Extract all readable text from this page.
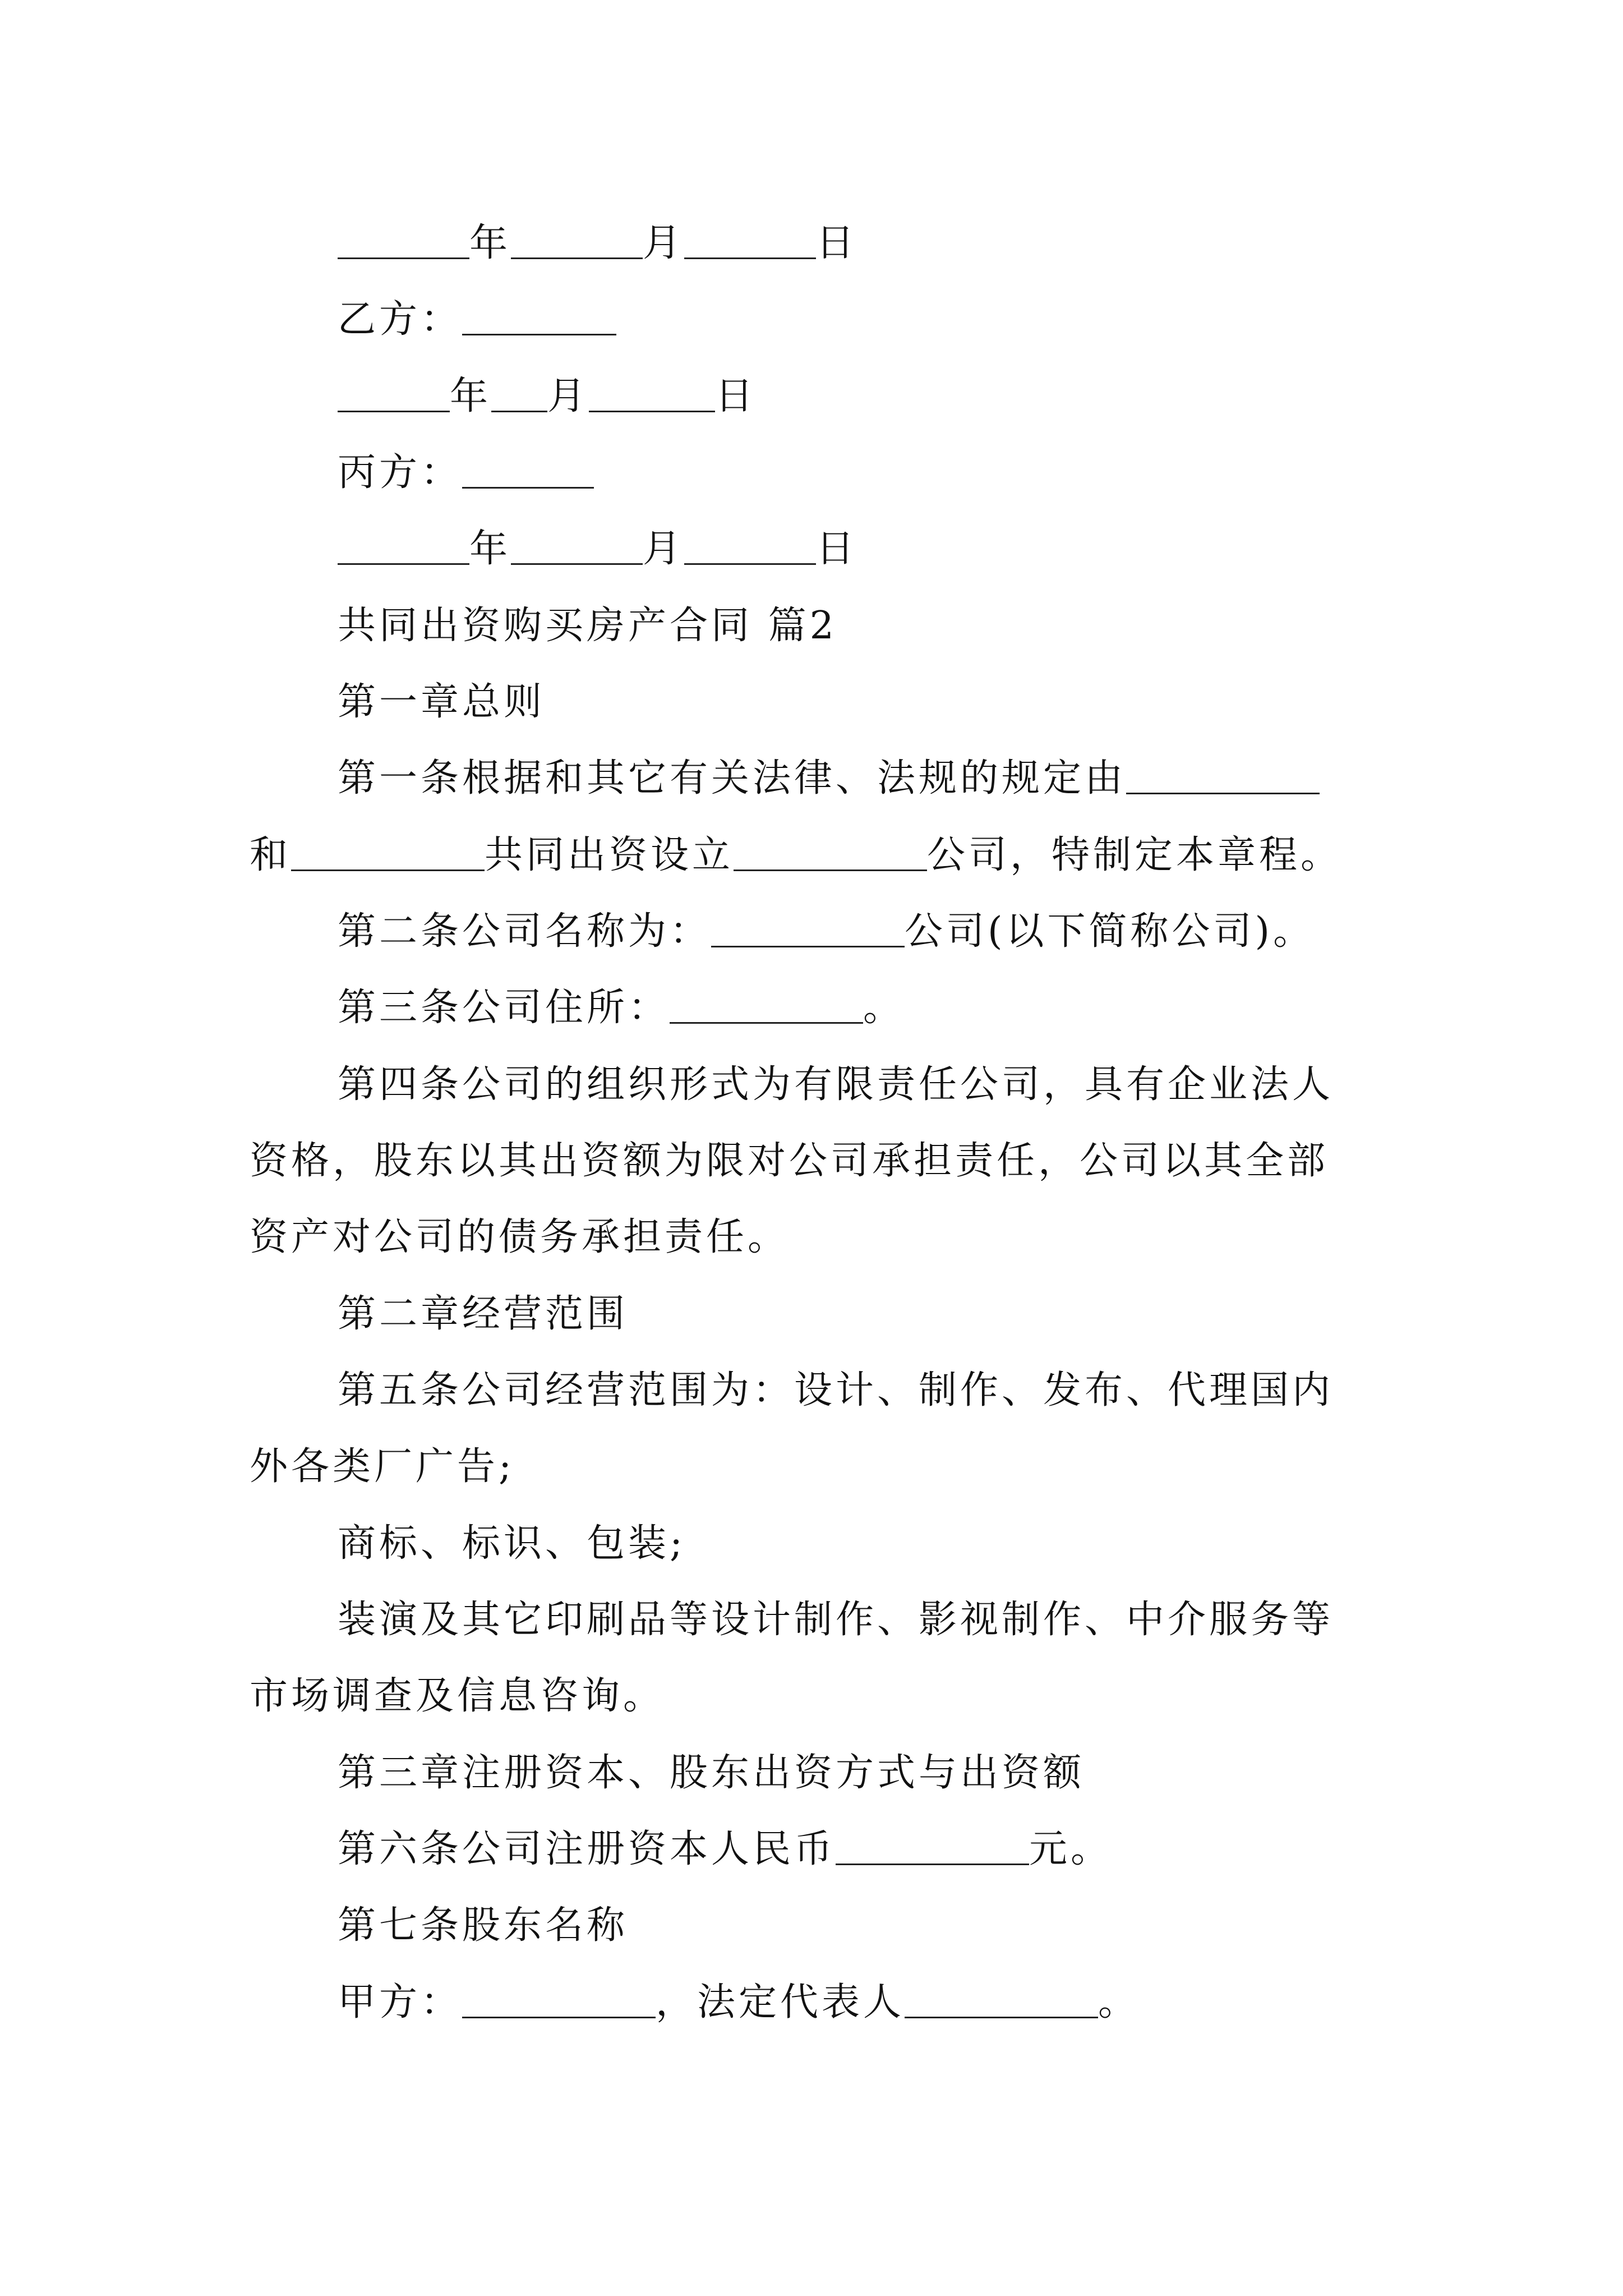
年	月	日
乙方：
年 月	日
丙方：
年	月	日
共同出资购买房产合同 篇2
第一章总则
第一条根据和其它有关法律、法规的规定由
和	共同出资设立	公司，特制定本章程。
第二条公司名称为：	公司(以下简称公司)。
第三条公司住所：	。
第四条公司的组织形式为有限责任公司，具有企业法人
资格，股东以其出资额为限对公司承担责任，公司以其全部
资产对公司的债务承担责任。
第二章经营范围
第五条公司经营范围为：设计、制作、发布、代理国内
外各类厂广告;
商标、标识、包装;
装演及其它印刷品等设计制作、影视制作、中介服务等
市场调查及信息咨询。
第三章注册资本、股东出资方式与出资额
第六条公司注册资本人民币	元。
第七条股东名称
甲方：	，法定代表人	。
